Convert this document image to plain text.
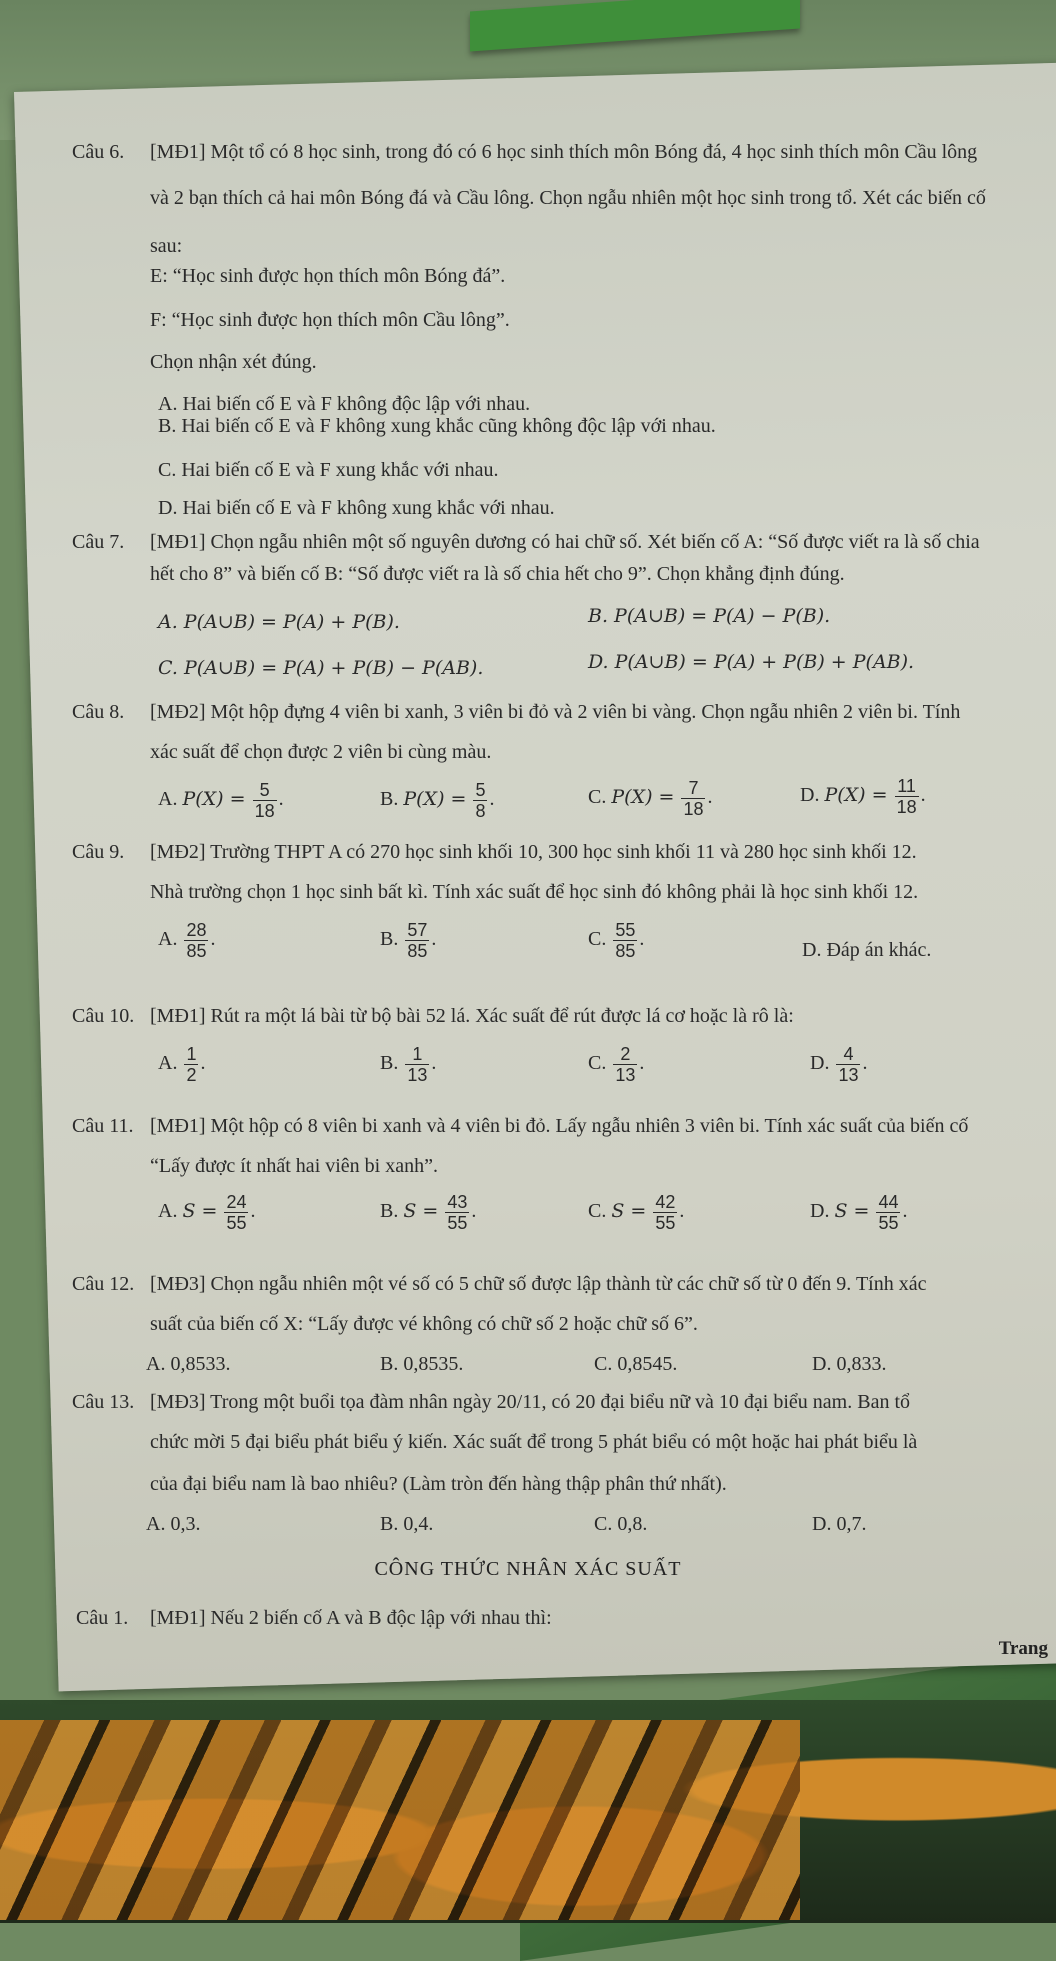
Câu 6. [MĐ1] Một tổ có 8 học sinh, trong đó có 6 học sinh thích môn Bóng đá, 4 học sinh thích môn Cầu lông
và 2 bạn thích cả hai môn Bóng đá và Cầu lông. Chọn ngẫu nhiên một học sinh trong tổ. Xét các biến cố
sau:
E: “Học sinh được họn thích môn Bóng đá”.
F: “Học sinh được họn thích môn Cầu lông”.
Chọn nhận xét đúng.
A. Hai biến cố E và F không độc lập với nhau.
B. Hai biến cố E và F không xung khắc cũng không độc lập với nhau.
C. Hai biến cố E và F xung khắc với nhau.
D. Hai biến cố E và F không xung khắc với nhau.
Câu 7. [MĐ1] Chọn ngẫu nhiên một số nguyên dương có hai chữ số. Xét biến cố A: “Số được viết ra là số chia
hết cho 8” và biến cố B: “Số được viết ra là số chia hết cho 9”. Chọn khẳng định đúng.
A. P(A∪B) = P(A) + P(B).	B. P(A∪B) = P(A) − P(B).
C. P(A∪B) = P(A) + P(B) − P(AB).	D. P(A∪B) = P(A) + P(B) + P(AB).
Câu 8. [MĐ2] Một hộp đựng 4 viên bi xanh, 3 viên bi đỏ và 2 viên bi vàng. Chọn ngẫu nhiên 2 viên bi. Tính
xác suất để chọn được 2 viên bi cùng màu.
A. $P(X) = \frac{5}{18}$ .	B. $P(X) = \frac{5}{8}$ .	C. $P(X) = \frac{7}{18}$ .	D. $P(X) = \frac{11}{18}$ .
Câu 9. [MĐ2] Trường THPT A có 270 học sinh khối 10, 300 học sinh khối 11 và 280 học sinh khối 12.
Nhà trường chọn 1 học sinh bất kì. Tính xác suất để học sinh đó không phải là học sinh khối 12.
A. $\frac{28}{85}$ .	B. $\frac{57}{85}$ .	C. $\frac{55}{85}$ .	D. Đáp án khác.
Câu 10. [MĐ1] Rút ra một lá bài từ bộ bài 52 lá. Xác suất để rút được lá cơ hoặc là rô là:
A. $\frac{1}{2}$ .	B. $\frac{1}{13}$ .	C. $\frac{2}{13}$ .	D. $\frac{4}{13}$ .
Câu 11. [MĐ1] Một hộp có 8 viên bi xanh và 4 viên bi đỏ. Lấy ngẫu nhiên 3 viên bi. Tính xác suất của biến cố
“Lấy được ít nhất hai viên bi xanh”.
A. $S = \frac{24}{55}$ .	B. $S = \frac{43}{55}$ .	C. $S = \frac{42}{55}$ .	D. $S = \frac{44}{55}$ .
Câu 12. [MĐ3] Chọn ngẫu nhiên một vé số có 5 chữ số được lập thành từ các chữ số từ 0 đến 9. Tính xác
suất của biến cố X: “Lấy được vé không có chữ số 2 hoặc chữ số 6”.
A. 0,8533.	B. 0,8535.	C. 0,8545.	D. 0,833.
Câu 13. [MĐ3] Trong một buổi tọa đàm nhân ngày 20/11, có 20 đại biểu nữ và 10 đại biểu nam. Ban tổ
chức mời 5 đại biểu phát biểu ý kiến. Xác suất để trong 5 phát biểu có một hoặc hai phát biểu là
của đại biểu nam là bao nhiêu? (Làm tròn đến hàng thập phân thứ nhất).
A. 0,3.	B. 0,4.	C. 0,8.	D. 0,7.
CÔNG THỨC NHÂN XÁC SUẤT
Câu 1. [MĐ1] Nếu 2 biến cố A và B độc lập với nhau thì:
Trang
